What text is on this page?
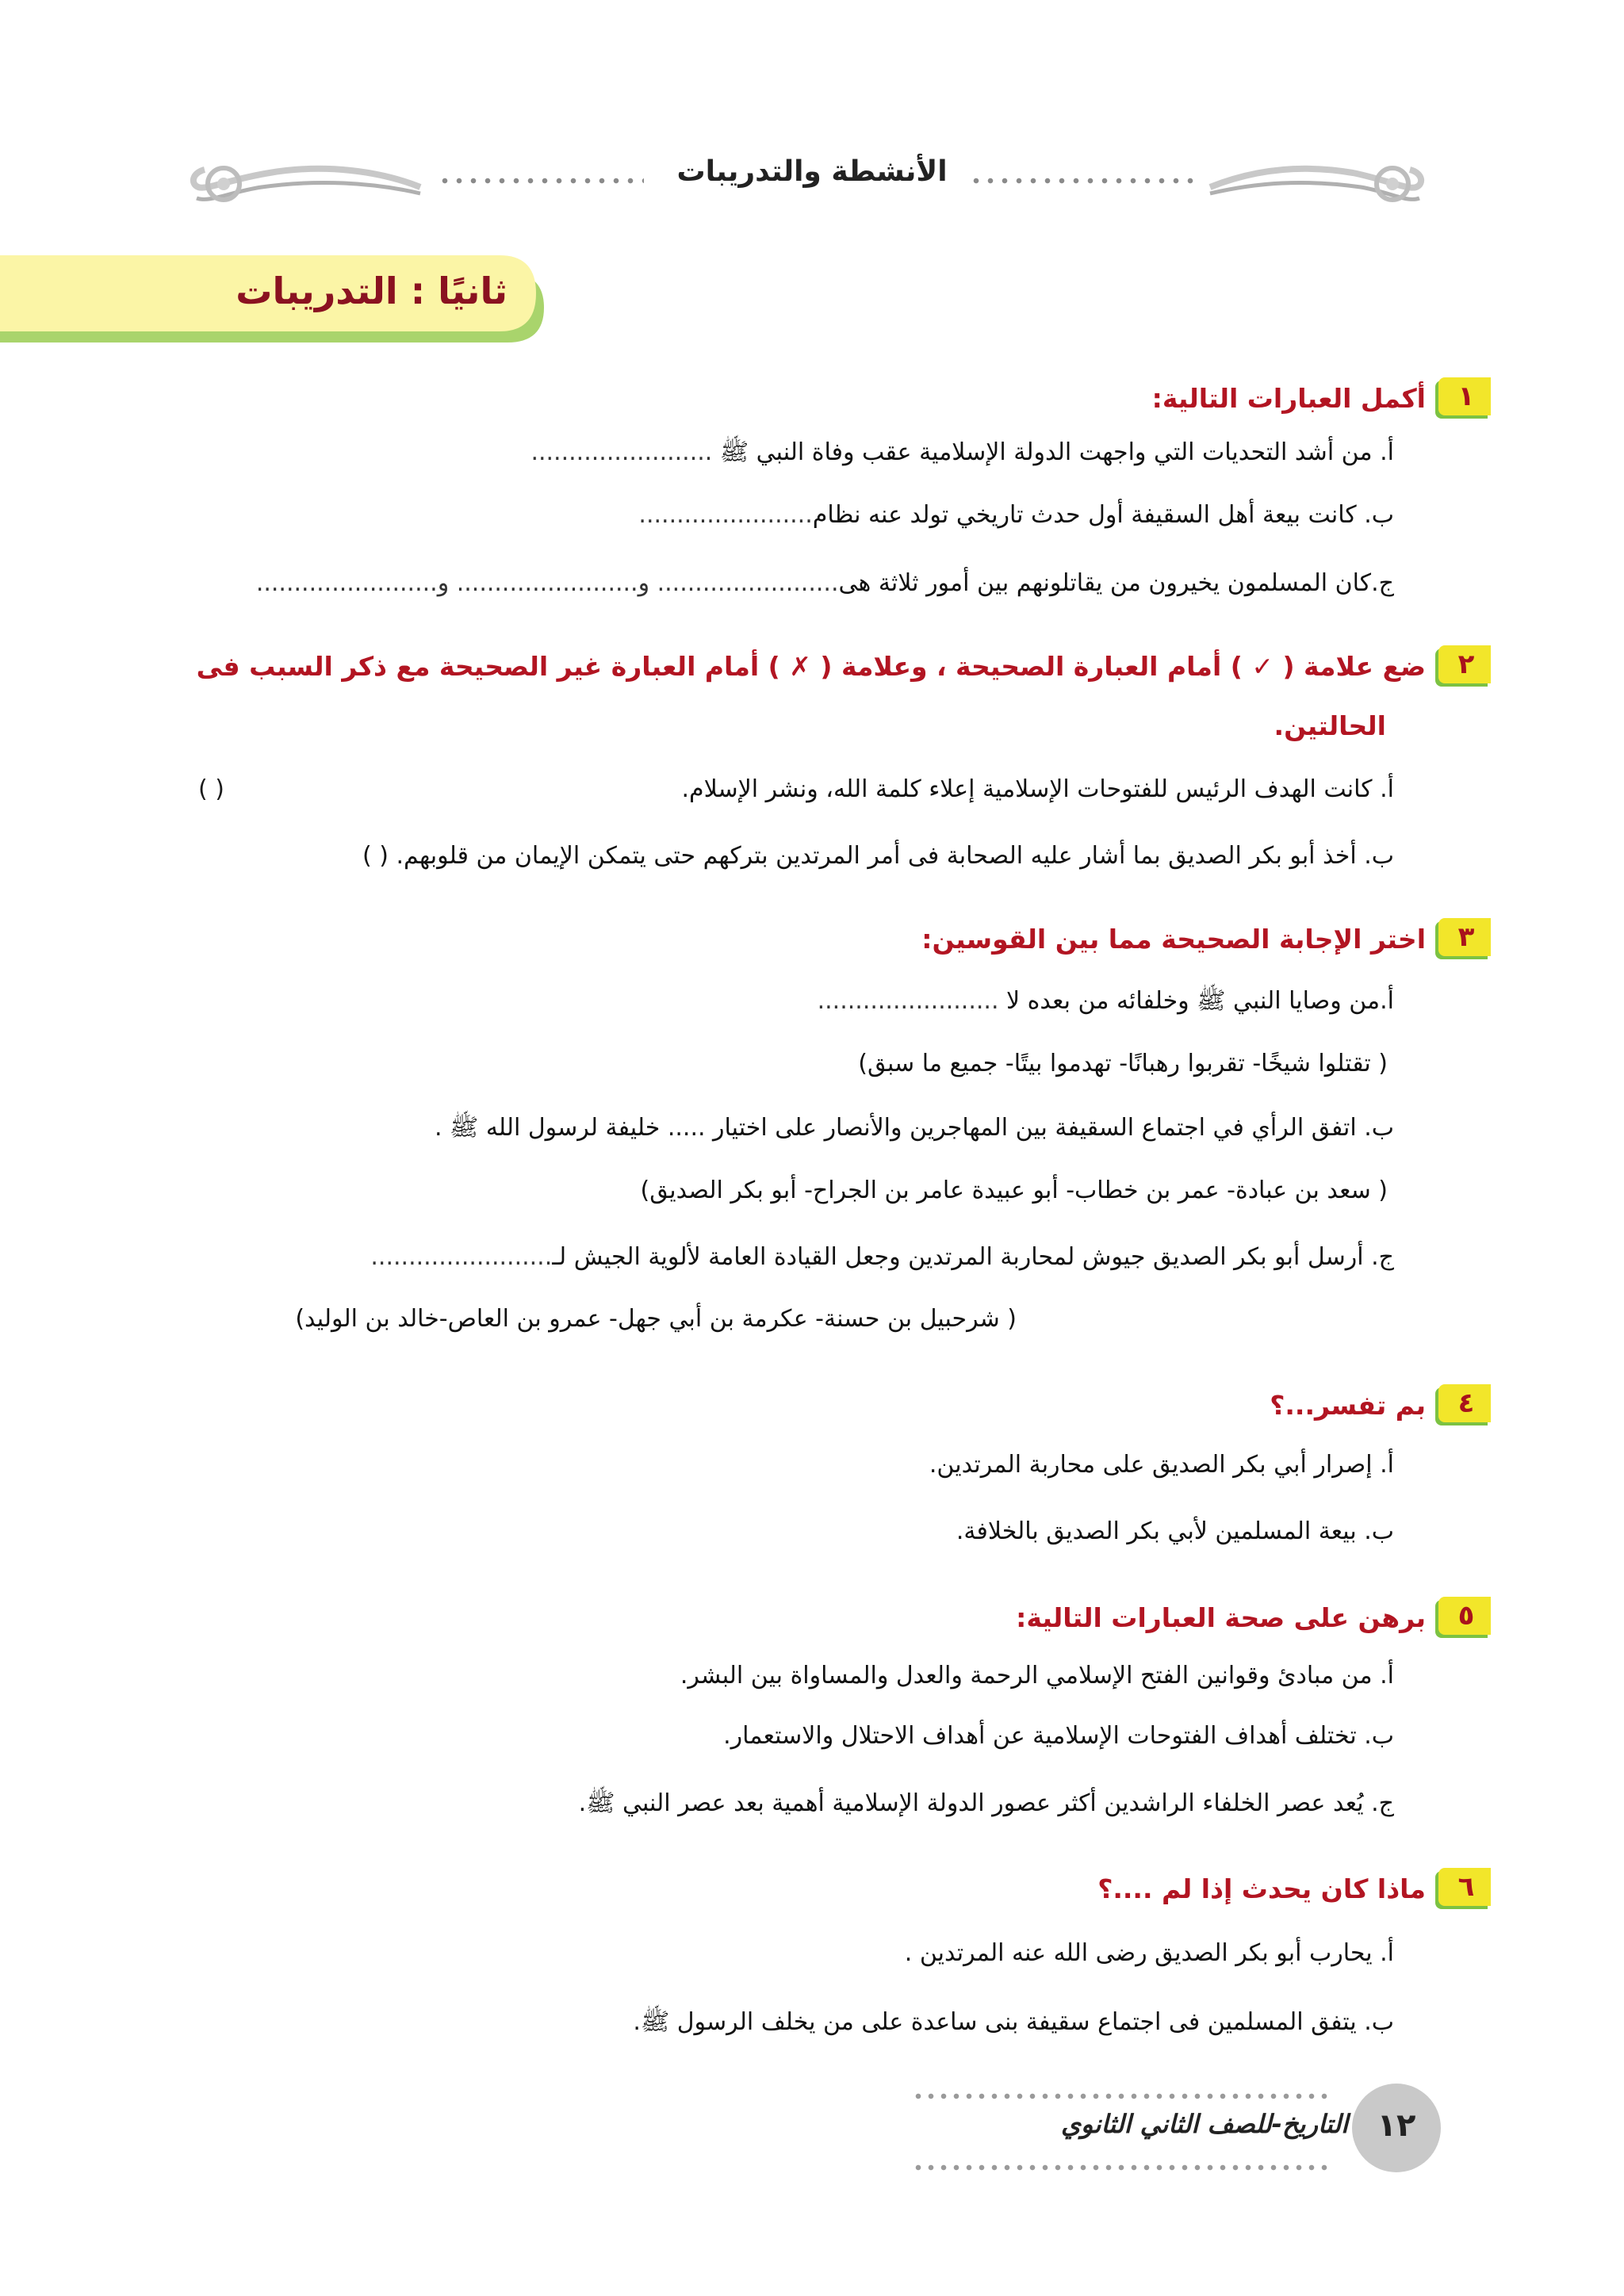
الأنشطة والتدريبات
ثانيًا : التدريبات
١
أكمل العبارات التالية:
أ. من أشد التحديات التي واجهت الدولة الإسلامية عقب وفاة النبي ﷺ ........................
ب. كانت بيعة أهل السقيفة أول حدث تاريخي تولد عنه نظام.......................
ج.كان المسلمون يخيرون من يقاتلونهم بين أمور ثلاثة هى........................ و........................ و........................
٢
ضع علامة ( ✓ ) أمام العبارة الصحيحة ، وعلامة ( ✗ ) أمام العبارة غير الصحيحة مع ذكر السبب فى
الحالتين.
أ. كانت الهدف الرئيس للفتوحات الإسلامية إعلاء كلمة الله، ونشر الإسلام.
( )
ب. أخذ أبو بكر الصديق بما أشار عليه الصحابة فى أمر المرتدين بتركهم حتى يتمكن الإيمان من قلوبهم. ( )
٣
اختر الإجابة الصحيحة مما بين القوسين:
أ.من وصايا النبي ﷺ وخلفائه من بعده لا ........................
( تقتلوا شيخًا- تقربوا رهبانًا- تهدموا بيتًا- جميع ما سبق)
ب. اتفق الرأي في اجتماع السقيفة بين المهاجرين والأنصار على اختيار ..... خليفة لرسول الله ﷺ .
( سعد بن عبادة- عمر بن خطاب- أبو عبيدة عامر بن الجراح- أبو بكر الصديق)
ج. أرسل أبو بكر الصديق جيوش لمحاربة المرتدين وجعل القيادة العامة لألوية الجيش لـ........................
( شرحبيل بن حسنة- عكرمة بن أبي جهل- عمرو بن العاص-خالد بن الوليد)
٤
بم تفسر...؟
أ. إصرار أبي بكر الصديق على محاربة المرتدين.
ب. بيعة المسلمين لأبي بكر الصديق بالخلافة.
٥
برهن على صحة العبارات التالية:
أ. من مبادئ وقوانين الفتح الإسلامي الرحمة والعدل والمساواة بين البشر.
ب. تختلف أهداف الفتوحات الإسلامية عن أهداف الاحتلال والاستعمار.
ج. يُعد عصر الخلفاء الراشدين أكثر عصور الدولة الإسلامية أهمية بعد عصر النبي ﷺ.
٦
ماذا كان يحدث إذا لم ....؟
أ. يحارب أبو بكر الصديق رضى الله عنه المرتدين .
ب. يتفق المسلمين فى اجتماع سقيفة بنى ساعدة على من يخلف الرسول ﷺ.
التاريخ-للصف الثاني الثانوي ١٢
